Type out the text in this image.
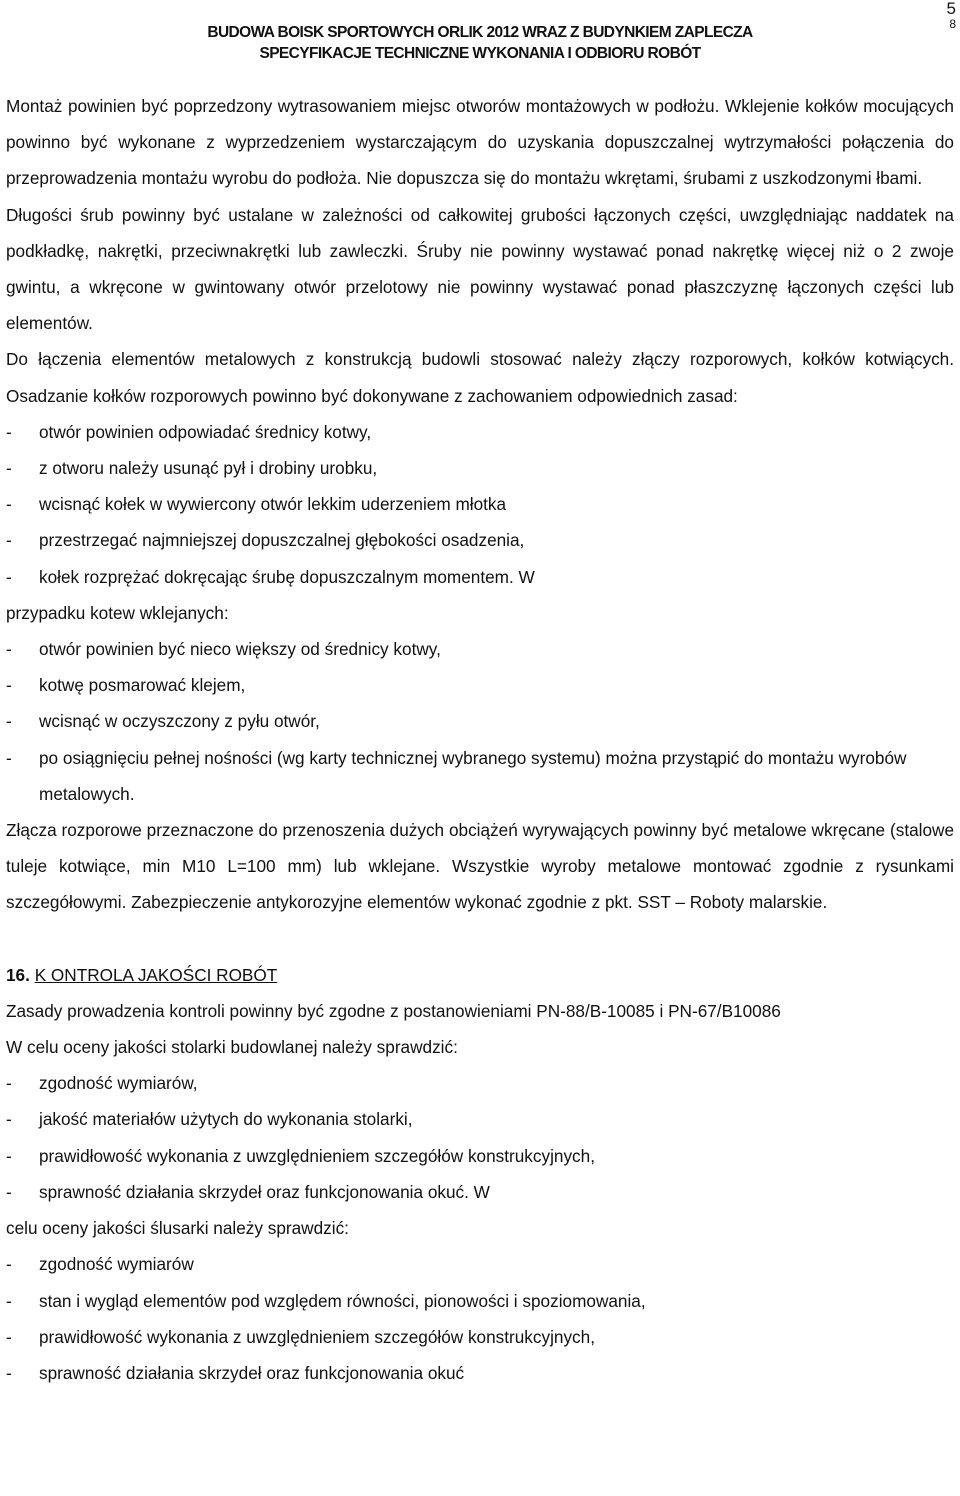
5
8
BUDOWA BOISK SPORTOWYCH ORLIK 2012 WRAZ Z BUDYNKIEM ZAPLECZA
SPECYFIKACJE TECHNICZNE WYKONANIA I ODBIORU ROBÓT

Montaż powinien być poprzedzony wytrasowaniem miejsc otworów montażowych w podłożu. Wklejenie kołków mocujących powinno być wykonane z wyprzedzeniem wystarczającym do uzyskania dopuszczalnej wytrzymałości połączenia do przeprowadzenia montażu wyrobu do podłoża. Nie dopuszcza się do montażu wkrętami, śrubami z uszkodzonymi łbami.

Długości śrub powinny być ustalane w zależności od całkowitej grubości łączonych części, uwzględniając naddatek na podkładkę, nakrętki, przeciwnakrętki lub zawleczki. Śruby nie powinny wystawać ponad nakrętkę więcej niż o 2 zwoje gwintu, a wkręcone w gwintowany otwór przelotowy nie powinny wystawać ponad płaszczyznę łączonych części lub elementów.

Do łączenia elementów metalowych z konstrukcją budowli stosować należy złączy rozporowych, kołków kotwiących. Osadzanie kołków rozporowych powinno być dokonywane z zachowaniem odpowiednich zasad:

-	otwór powinien odpowiadać średnicy kotwy,
-	z otworu należy usunąć pył i drobiny urobku,
-	wcisnąć kołek w wywiercony otwór lekkim uderzeniem młotka
-	przestrzegać najmniejszej dopuszczalnej głębokości osadzenia,
-	kołek rozprężać dokręcając śrubę dopuszczalnym momentem. W
przypadku kotew wklejanych:
-	otwór powinien być nieco większy od średnicy kotwy,
-	kotwę posmarować klejem,
-	wcisnąć w oczyszczony z pyłu otwór,
-	po osiągnięciu pełnej nośności (wg karty technicznej wybranego systemu) można przystąpić do montażu wyrobów metalowych.

Złącza rozporowe przeznaczone do przenoszenia dużych obciążeń wyrywających powinny być metalowe wkręcane (stalowe tuleje kotwiące, min M10 L=100 mm) lub wklejane. Wszystkie wyroby metalowe montować zgodnie z rysunkami szczegółowymi. Zabezpieczenie antykorozyjne elementów wykonać zgodnie z pkt. SST – Roboty malarskie.

16. K ONTROLA JAKOŚCI ROBÓT
Zasady prowadzenia kontroli powinny być zgodne z postanowieniami PN-88/B-10085 i PN-67/B10086
W celu oceny jakości stolarki budowlanej należy sprawdzić:
-	zgodność wymiarów,
-	jakość materiałów użytych do wykonania stolarki,
-	prawidłowość wykonania z uwzględnieniem szczegółów konstrukcyjnych,
-	sprawność działania skrzydeł oraz funkcjonowania okuć. W
celu oceny jakości ślusarki należy sprawdzić:
-	zgodność wymiarów
-	stan i wygląd elementów pod względem równości, pionowości i spoziomowania,
-	prawidłowość wykonania z uwzględnieniem szczegółów konstrukcyjnych,
-	sprawność działania skrzydeł oraz funkcjonowania okuć
